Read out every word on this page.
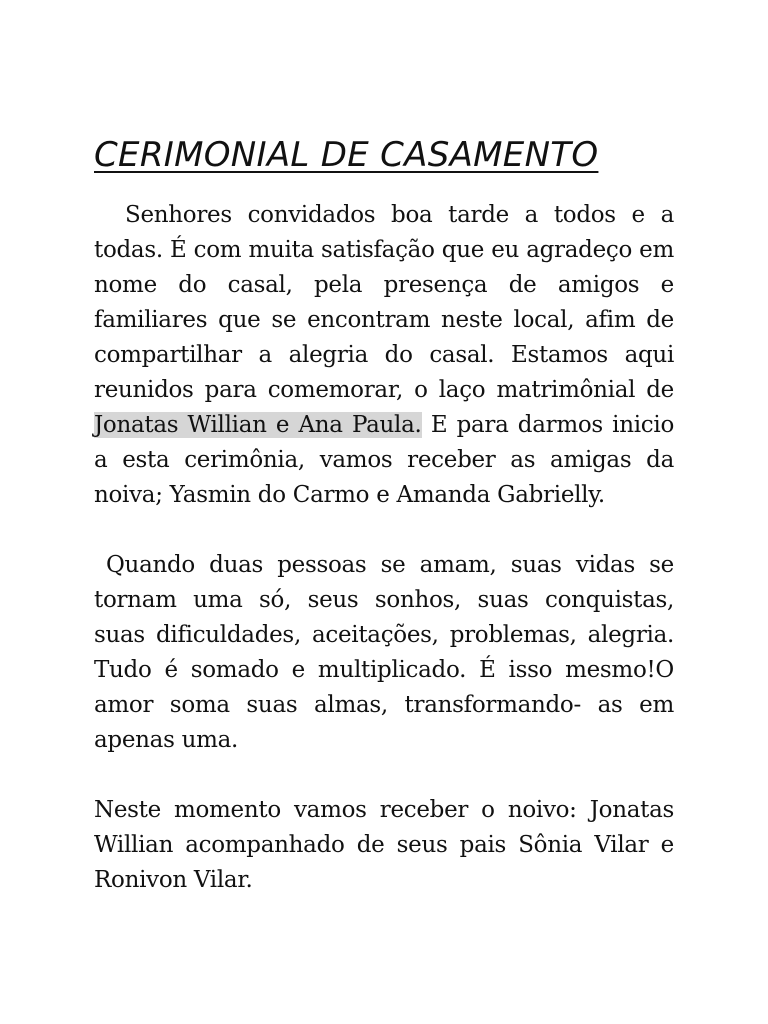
CERIMONIAL DE CASAMENTO

Senhores convidados boa tarde a todos e a todas. É com muita satisfação que eu agradeço em nome do casal, pela presença de amigos e familiares que se encontram neste local, afim de compartilhar a alegria do casal. Estamos aqui reunidos para comemorar, o laço matrimônial de Jonatas Willian e Ana Paula. E para darmos inicio a esta cerimônia, vamos receber as amigas da noiva; Yasmin do Carmo e Amanda Gabrielly.

Quando duas pessoas se amam, suas vidas se tornam uma só, seus sonhos, suas conquistas, suas dificuldades, aceitações, problemas, alegria. Tudo é somado e multiplicado. É isso mesmo!O amor soma suas almas, transformando- as em apenas uma.

Neste momento vamos receber o noivo: Jonatas Willian acompanhado de seus pais Sônia Vilar e Ronivon Vilar.
